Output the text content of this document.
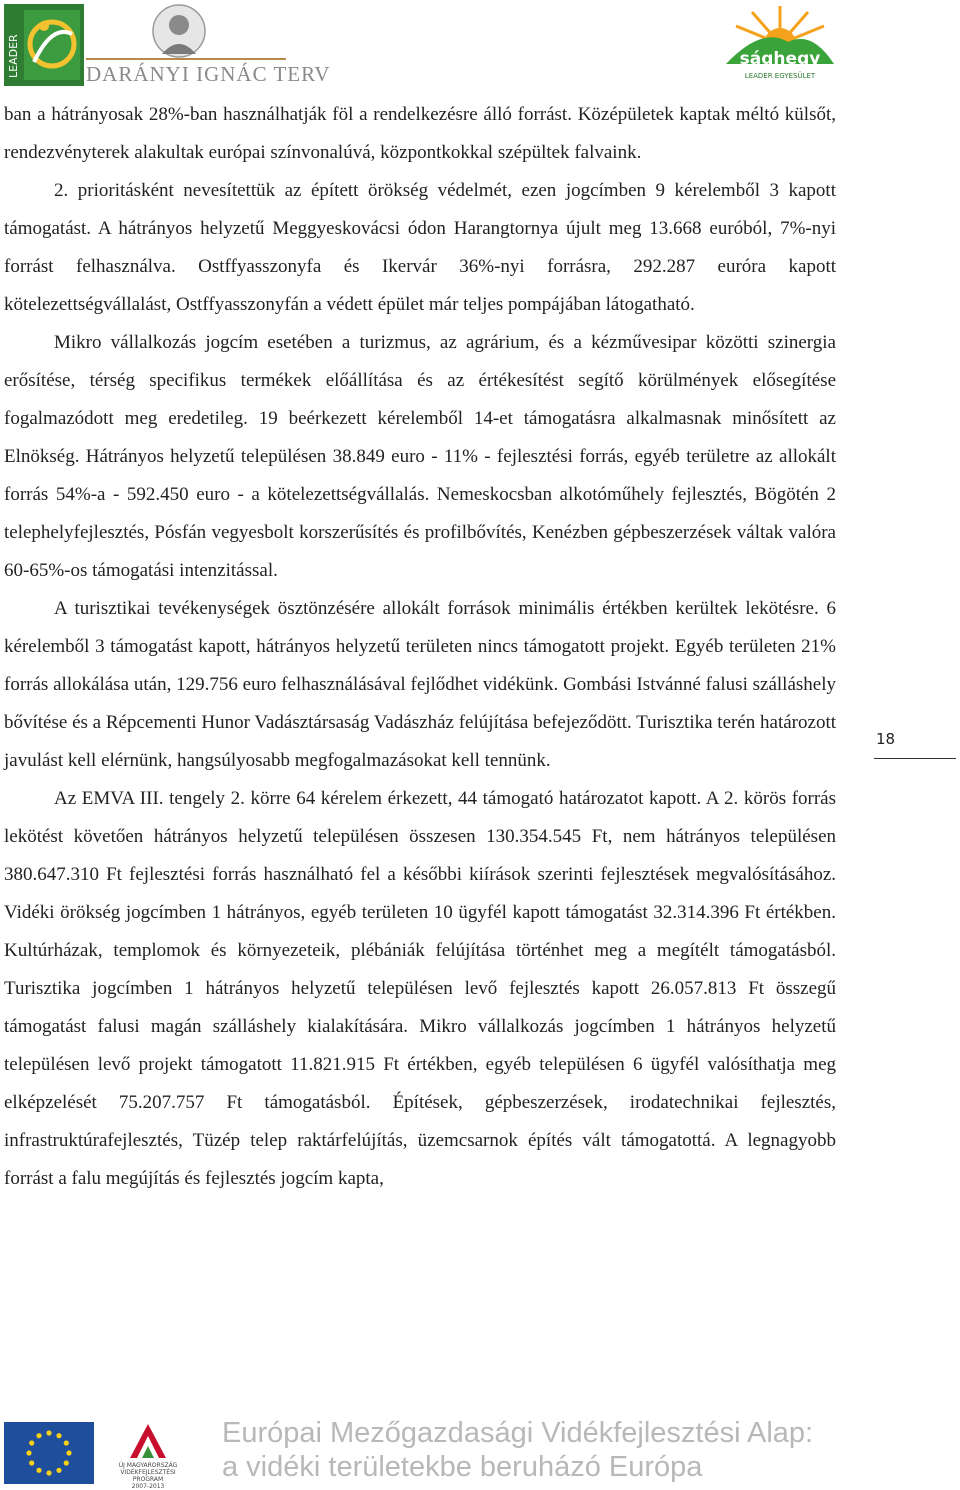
LEADER	DARÁNYI IGNÁC TERV
sághegy
LEADER EGYESÜLET

ban a hátrányosak 28%-ban használhatják föl a rendelkezésre álló forrást. Középületek kaptak méltó külsőt, rendezvényterek alakultak európai színvonalúvá, központkokkal szépültek falvaink.

2. prioritásként nevesítettük az épített örökség védelmét, ezen jogcímben 9 kérelemből 3 kapott támogatást. A hátrányos helyzetű Meggyeskovácsi ódon Harangtornya újult meg 13.668 euróból, 7%-nyi forrást felhasználva. Ostffyasszonyfa és Ikervár 36%-nyi forrásra, 292.287 euróra kapott kötelezettségvállalást, Ostffyasszonyfán a védett épület már teljes pompájában látogatható.

Mikro vállalkozás jogcím esetében a turizmus, az agrárium, és a kézművesipar közötti szinergia erősítése, térség specifikus termékek előállítása és az értékesítést segítő körülmények elősegítése fogalmazódott meg eredetileg. 19 beérkezett kérelemből 14-et támogatásra alkalmasnak minősített az Elnökség. Hátrányos helyzetű településen 38.849 euro - 11% - fejlesztési forrás, egyéb területre az allokált forrás 54%-a - 592.450 euro - a kötelezettségvállalás. Nemeskocsban alkotóműhely fejlesztés, Bögötén 2 telephelyfejlesztés, Pósfán vegyesbolt korszerűsítés és profilbővítés, Kenézben gépbeszerzések váltak valóra 60-65%-os támogatási intenzitással.

A turisztikai tevékenységek ösztönzésére allokált források minimális értékben kerültek lekötésre. 6 kérelemből 3 támogatást kapott, hátrányos helyzetű területen nincs támogatott projekt. Egyéb területen 21% forrás allokálása után, 129.756 euro felhasználásával fejlődhet vidékünk. Gombási Istvánné falusi szálláshely bővítése és a Répcementi Hunor Vadásztársaság Vadászház felújítása befejeződött. Turisztika terén határozott javulást kell elérnünk, hangsúlyosabb megfogalmazásokat kell tennünk.

Az EMVA III. tengely 2. körre 64 kérelem érkezett, 44 támogató határozatot kapott. A 2. körös forrás lekötést követően hátrányos helyzetű településen összesen 130.354.545 Ft, nem hátrányos településen 380.647.310 Ft fejlesztési forrás használható fel a későbbi kiírások szerinti fejlesztések megvalósításához. Vidéki örökség jogcímben 1 hátrányos, egyéb területen 10 ügyfél kapott támogatást 32.314.396 Ft értékben. Kultúrházak, templomok és környezeteik, plébániák felújítása történhet meg a megítélt támogatásból. Turisztika jogcímben 1 hátrányos helyzetű településen levő fejlesztés kapott 26.057.813 Ft összegű támogatást falusi magán szálláshely kialakítására. Mikro vállalkozás jogcímben 1 hátrányos helyzetű településen levő projekt támogatott 11.821.915 Ft értékben, egyéb településen 6 ügyfél valósíthatja meg elképzelését 75.207.757 Ft támogatásból. Építések, gépbeszerzések, irodatechnikai fejlesztés, infrastruktúrafejlesztés, Tüzép telep raktárfelújítás, üzemcsarnok építés vált támogatottá. A legnagyobb forrást a falu megújítás és fejlesztés jogcím kapta,

18
ÚJ MAGYARORSZÁG
VIDÉKFEJLESZTÉSI PROGRAM
2007-2013
Európai Mezőgazdasági Vidékfejlesztési Alap:
a vidéki területekbe beruházó Európa
